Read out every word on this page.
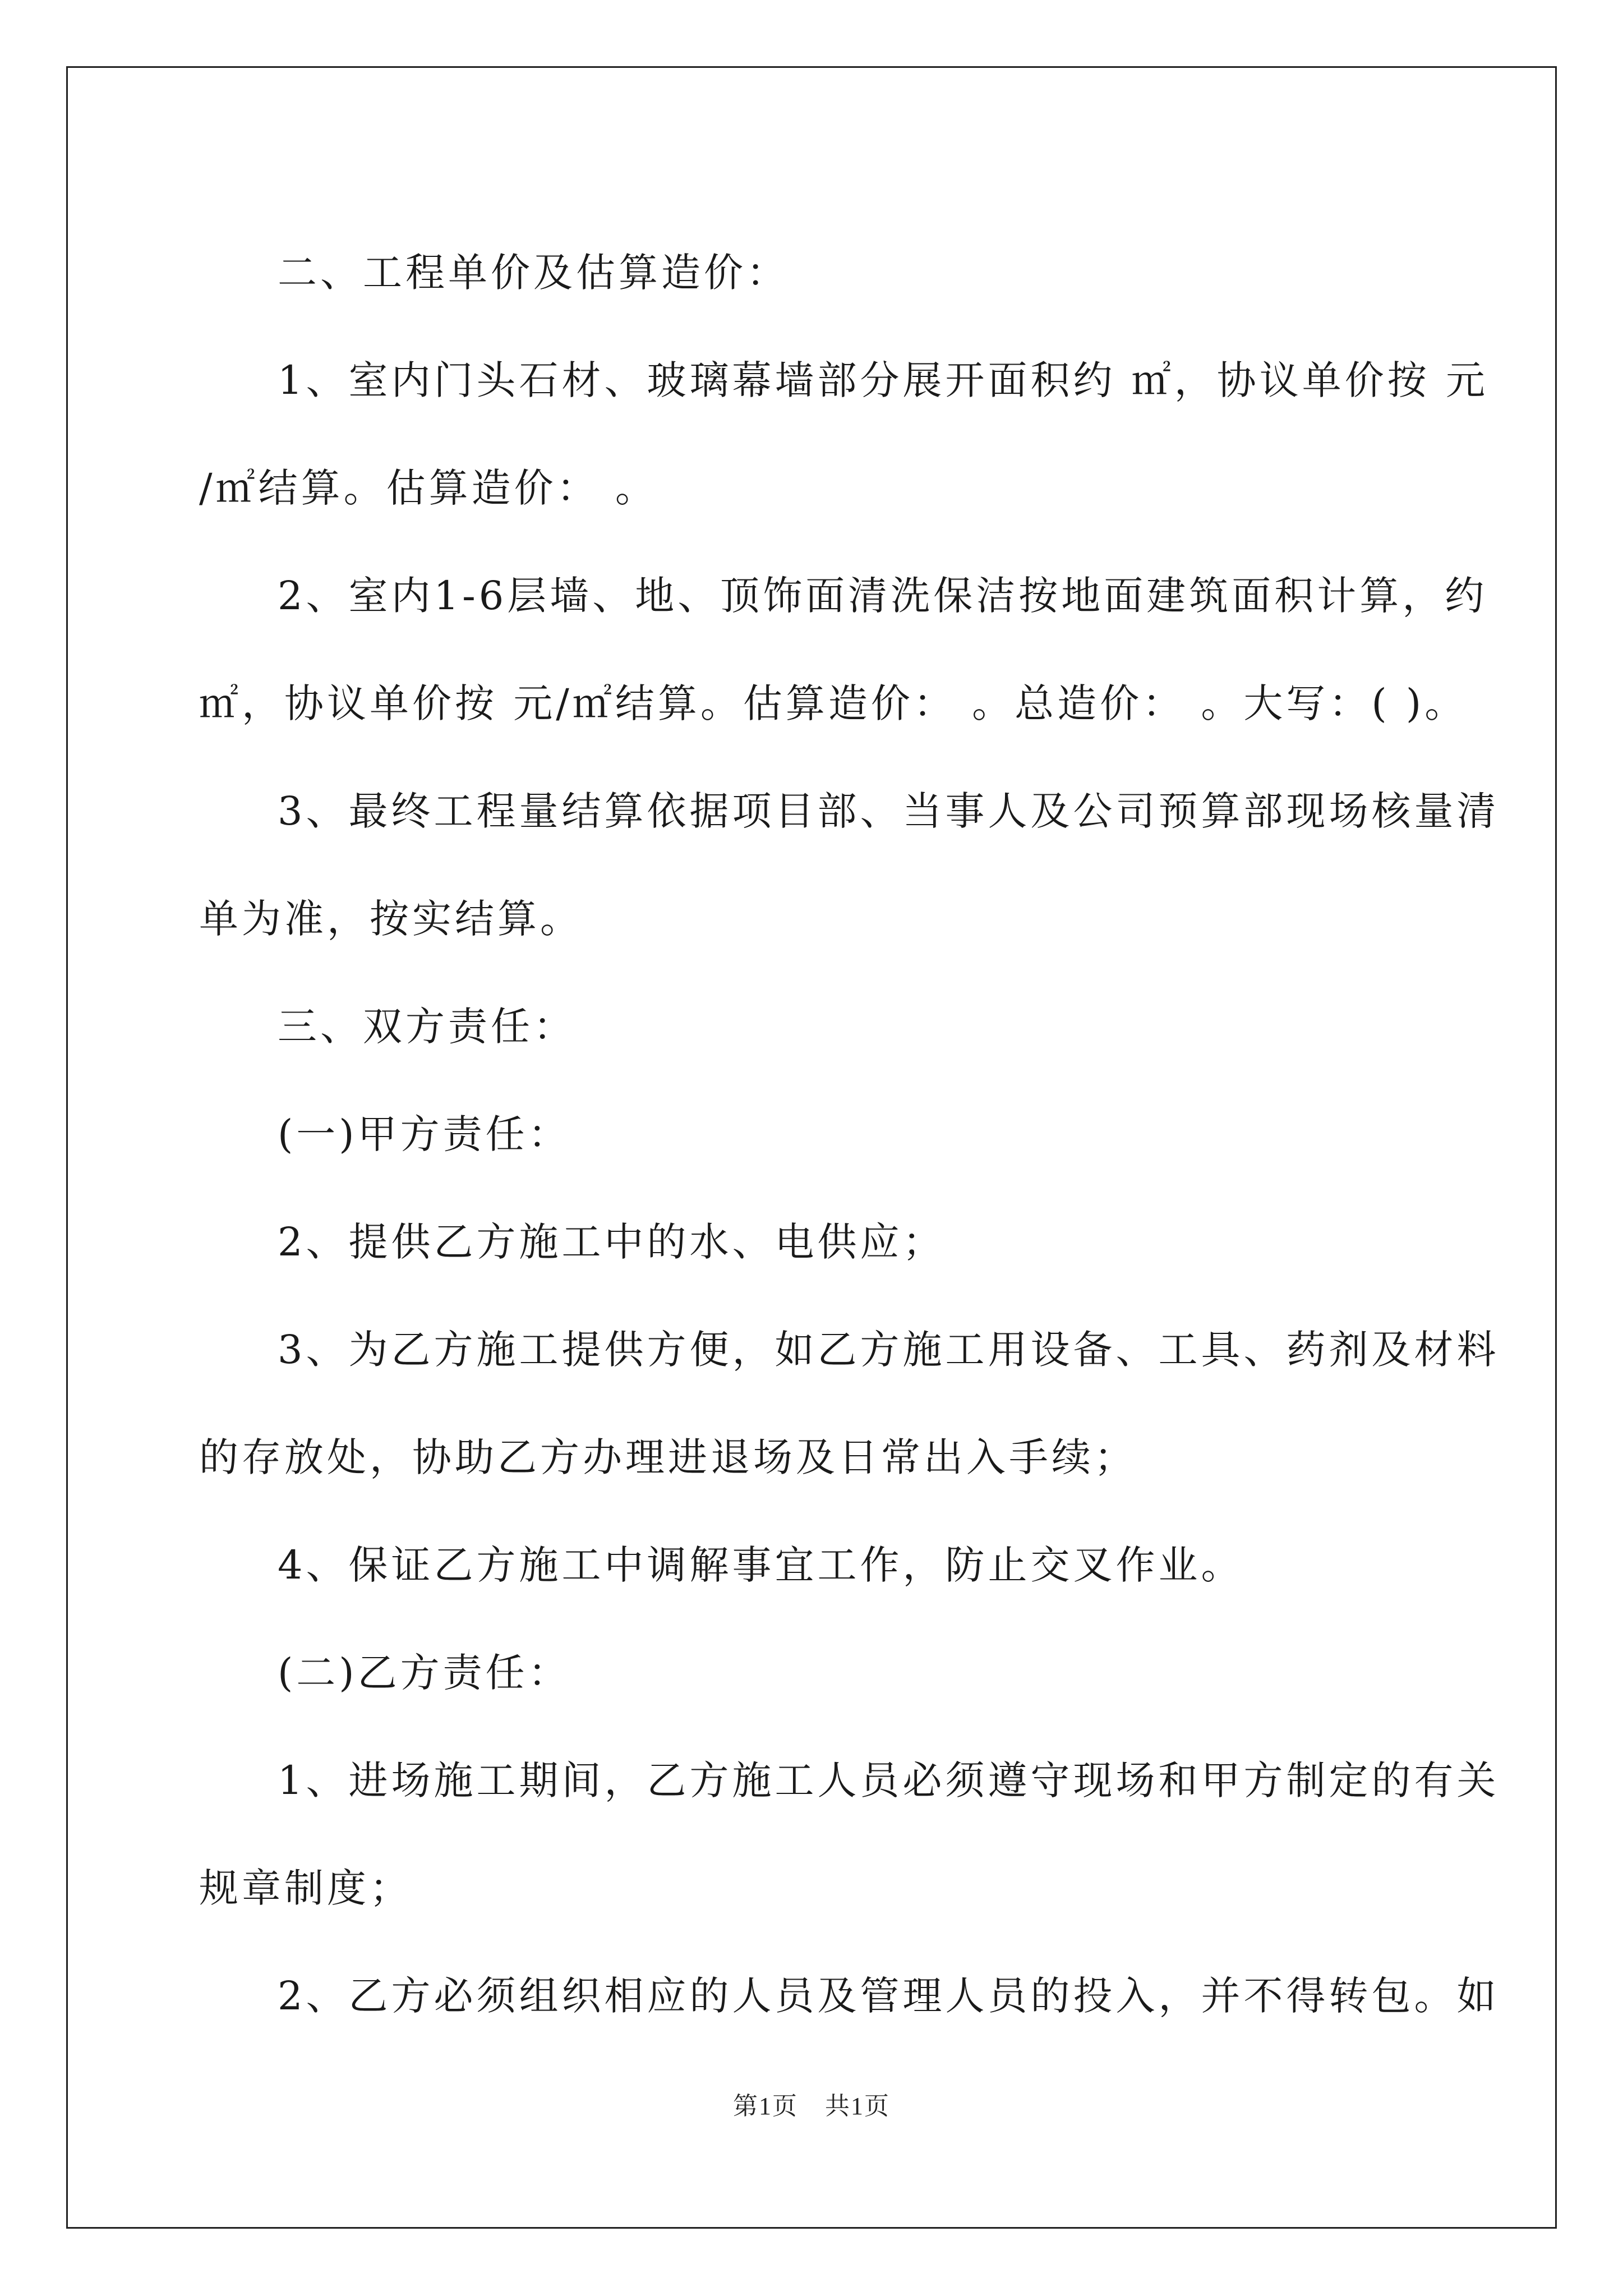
二、工程单价及估算造价：

1、室内门头石材、玻璃幕墙部分展开面积约 ㎡，协议单价按 元

/㎡结算。估算造价： 。

2、室内1-6层墙、地、顶饰面清洗保洁按地面建筑面积计算，约

㎡，协议单价按 元/㎡结算。估算造价： 。总造价： 。大写：( )。

3、最终工程量结算依据项目部、当事人及公司预算部现场核量清

单为准，按实结算。

三、双方责任：

(一)甲方责任：

2、提供乙方施工中的水、电供应；

3、为乙方施工提供方便，如乙方施工用设备、工具、药剂及材料

的存放处，协助乙方办理进退场及日常出入手续；

4、保证乙方施工中调解事宜工作，防止交叉作业。

(二)乙方责任：

1、进场施工期间，乙方施工人员必须遵守现场和甲方制定的有关

规章制度；

2、乙方必须组织相应的人员及管理人员的投入，并不得转包。如

第1页 共1页
